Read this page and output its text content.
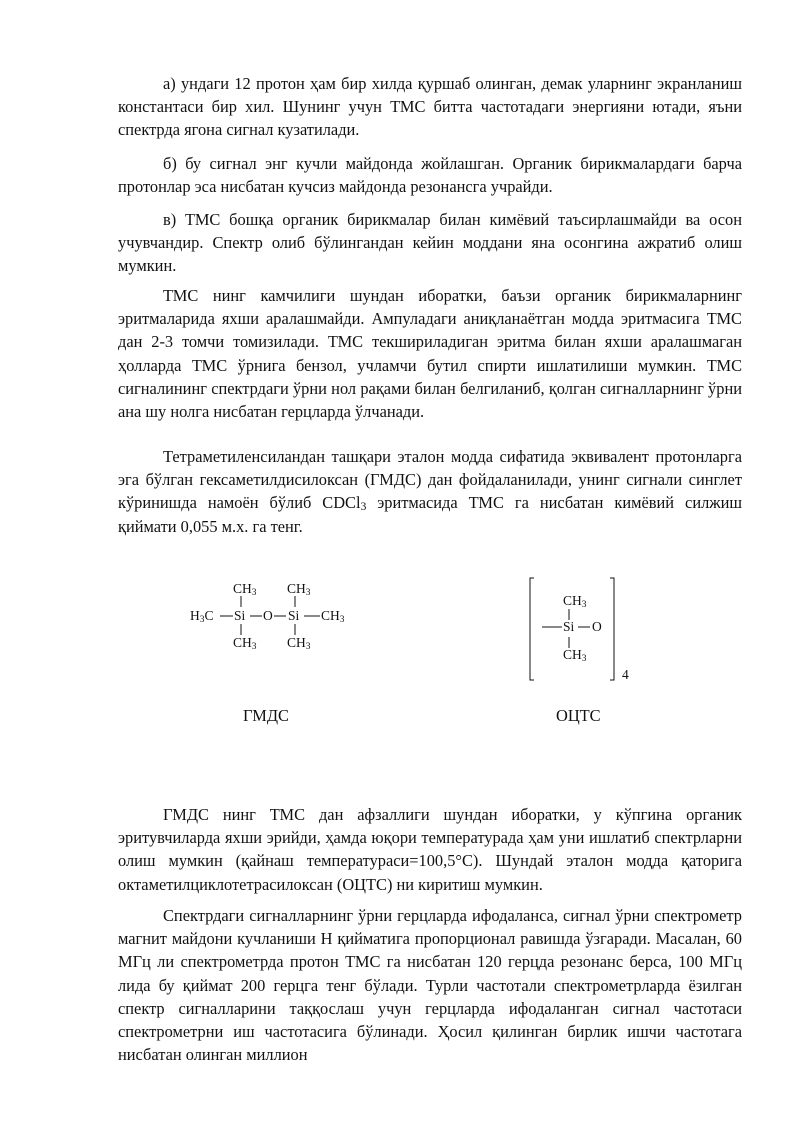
а) ундаги 12 протон ҳам бир хилда қуршаб олинган, демак уларнинг экранланиш константаси бир хил. Шунинг учун ТМС битта частотадаги энергияни ютади, яъни спектрда ягона сигнал кузатилади.

б) бу сигнал энг кучли майдонда жойлашган. Органик бирикмалардаги барча протонлар эса нисбатан кучсиз майдонда резонансга учрайди.

в) ТМС бошқа органик бирикмалар билан кимёвий таъсирлашмайди ва осон учувчандир. Спектр олиб бўлингандан кейин моддани яна осонгина ажратиб олиш мумкин.

ТМС нинг камчилиги шундан иборатки, баъзи органик бирикмаларнинг эритмаларида яхши аралашмайди. Ампуладаги аниқланаётган модда эритмасига ТМС дан 2-3 томчи томизилади. ТМС текшириладиган эритма билан яхши аралашмаган ҳолларда ТМС ўрнига бензол, учламчи бутил спирти ишлатилиши мумкин. ТМС сигналининг спектрдаги ўрни нол рақами билан белгиланиб, қолган сигналларнинг ўрни ана шу нолга нисбатан герцларда ўлчанади.

Тетраметиленсиландан ташқари эталон модда сифатида эквивалент протонларга эга бўлган гексаметилдисилоксан (ГМДС) дан фойдаланилади, унинг сигнали синглет кўринишда намоён бўлиб CDCl$_3$ эритмасида ТМС га нисбатан кимёвий силжиш қиймати 0,055 м.х. га тенг.

$CH_3$ $CH_3$
$H_3C$ Si O Si $CH_3$
$CH_3$ $CH_3$
$CH_3$
Si O
$CH_3$
4
ГМДС	ОЦТС

ГМДС нинг ТМС дан афзаллиги шундан иборатки, у кўпгина органик эритувчиларда яхши эрийди, ҳамда юқори температурада ҳам уни ишлатиб спектрларни олиш мумкин (қайнаш температураси=100,5°С). Шундай эталон модда қаторига октаметилциклотетрасилоксан (ОЦТС) ни киритиш мумкин.

Спектрдаги сигналларнинг ўрни герцларда ифодаланса, сигнал ўрни спектрометр магнит майдони кучланиши Н қийматига пропорционал равишда ўзгаради. Масалан, 60 МГц ли спектрометрда протон ТМС га нисбатан 120 герцда резонанс берса, 100 МГц лида бу қиймат 200 герцга тенг бўлади. Турли частотали спектрометрларда ёзилган спектр сигналларини таққослаш учун герцларда ифодаланган сигнал частотаси спектрометрни иш частотасига бўлинади. Ҳосил қилинган бирлик ишчи частотага нисбатан олинган миллион
